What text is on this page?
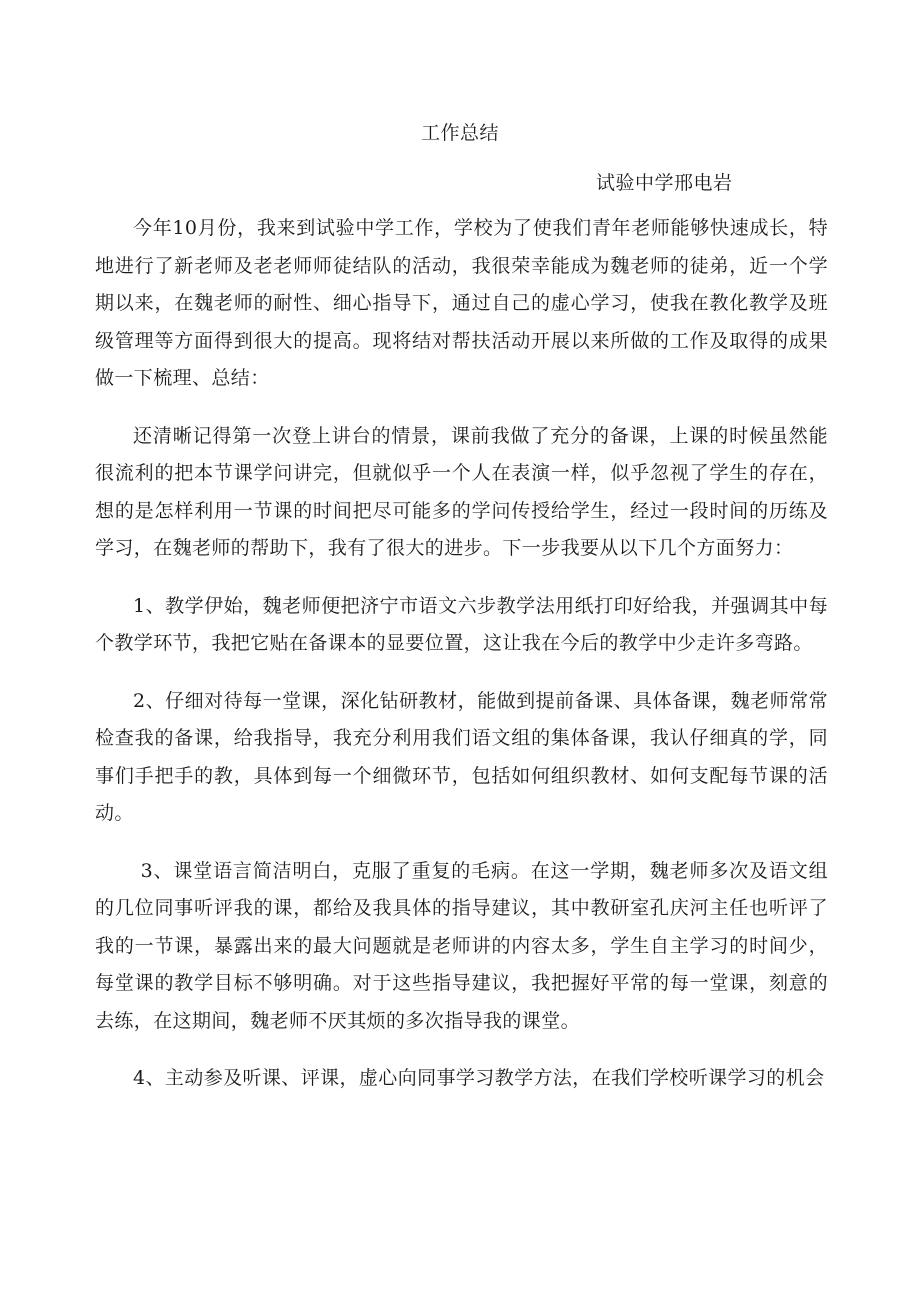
工作总结
试验中学邢电岩

今年10月份，我来到试验中学工作，学校为了使我们青年老师能够快速成长，特地进行了新老师及老老师师徒结队的活动，我很荣幸能成为魏老师的徒弟，近一个学期以来，在魏老师的耐性、细心指导下，通过自己的虚心学习，使我在教化教学及班级管理等方面得到很大的提高。现将结对帮扶活动开展以来所做的工作及取得的成果做一下梳理、总结：

还清晰记得第一次登上讲台的情景，课前我做了充分的备课，上课的时候虽然能很流利的把本节课学问讲完，但就似乎一个人在表演一样，似乎忽视了学生的存在，想的是怎样利用一节课的时间把尽可能多的学问传授给学生，经过一段时间的历练及学习，在魏老师的帮助下，我有了很大的进步。下一步我要从以下几个方面努力：

1、教学伊始，魏老师便把济宁市语文六步教学法用纸打印好给我，并强调其中每个教学环节，我把它贴在备课本的显要位置，这让我在今后的教学中少走许多弯路。

2、仔细对待每一堂课，深化钻研教材，能做到提前备课、具体备课，魏老师常常检查我的备课，给我指导，我充分利用我们语文组的集体备课，我认仔细真的学，同事们手把手的教，具体到每一个细微环节，包括如何组织教材、如何支配每节课的活动。

3、课堂语言简洁明白，克服了重复的毛病。在这一学期，魏老师多次及语文组的几位同事听评我的课，都给及我具体的指导建议，其中教研室孔庆河主任也听评了我的一节课，暴露出来的最大问题就是老师讲的内容太多，学生自主学习的时间少，每堂课的教学目标不够明确。对于这些指导建议，我把握好平常的每一堂课，刻意的去练，在这期间，魏老师不厌其烦的多次指导我的课堂。

4、主动参及听课、评课，虚心向同事学习教学方法，在我们学校听课学习的机会
